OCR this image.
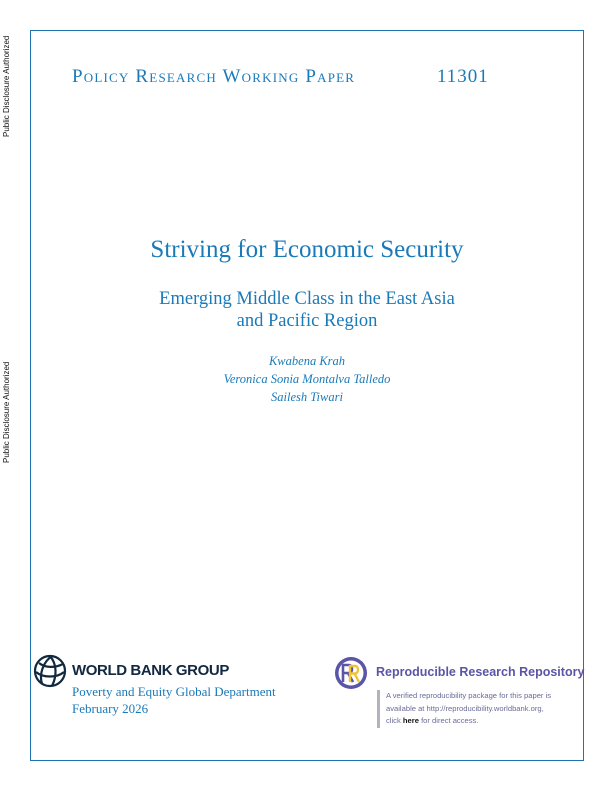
Public Disclosure Authorized
Public Disclosure Authorized
Policy Research Working Paper	11301
Striving for Economic Security
Emerging Middle Class in the East Asia
and Pacific Region
Kwabena Krah
Veronica Sonia Montalva Talledo
Sailesh Tiwari
WORLD BANK GROUP
Poverty and Equity Global Department
February 2026
Reproducible Research Repository
A verified reproducibility package for this paper is
available at http://reproducibility.worldbank.org,
click here for direct access.
